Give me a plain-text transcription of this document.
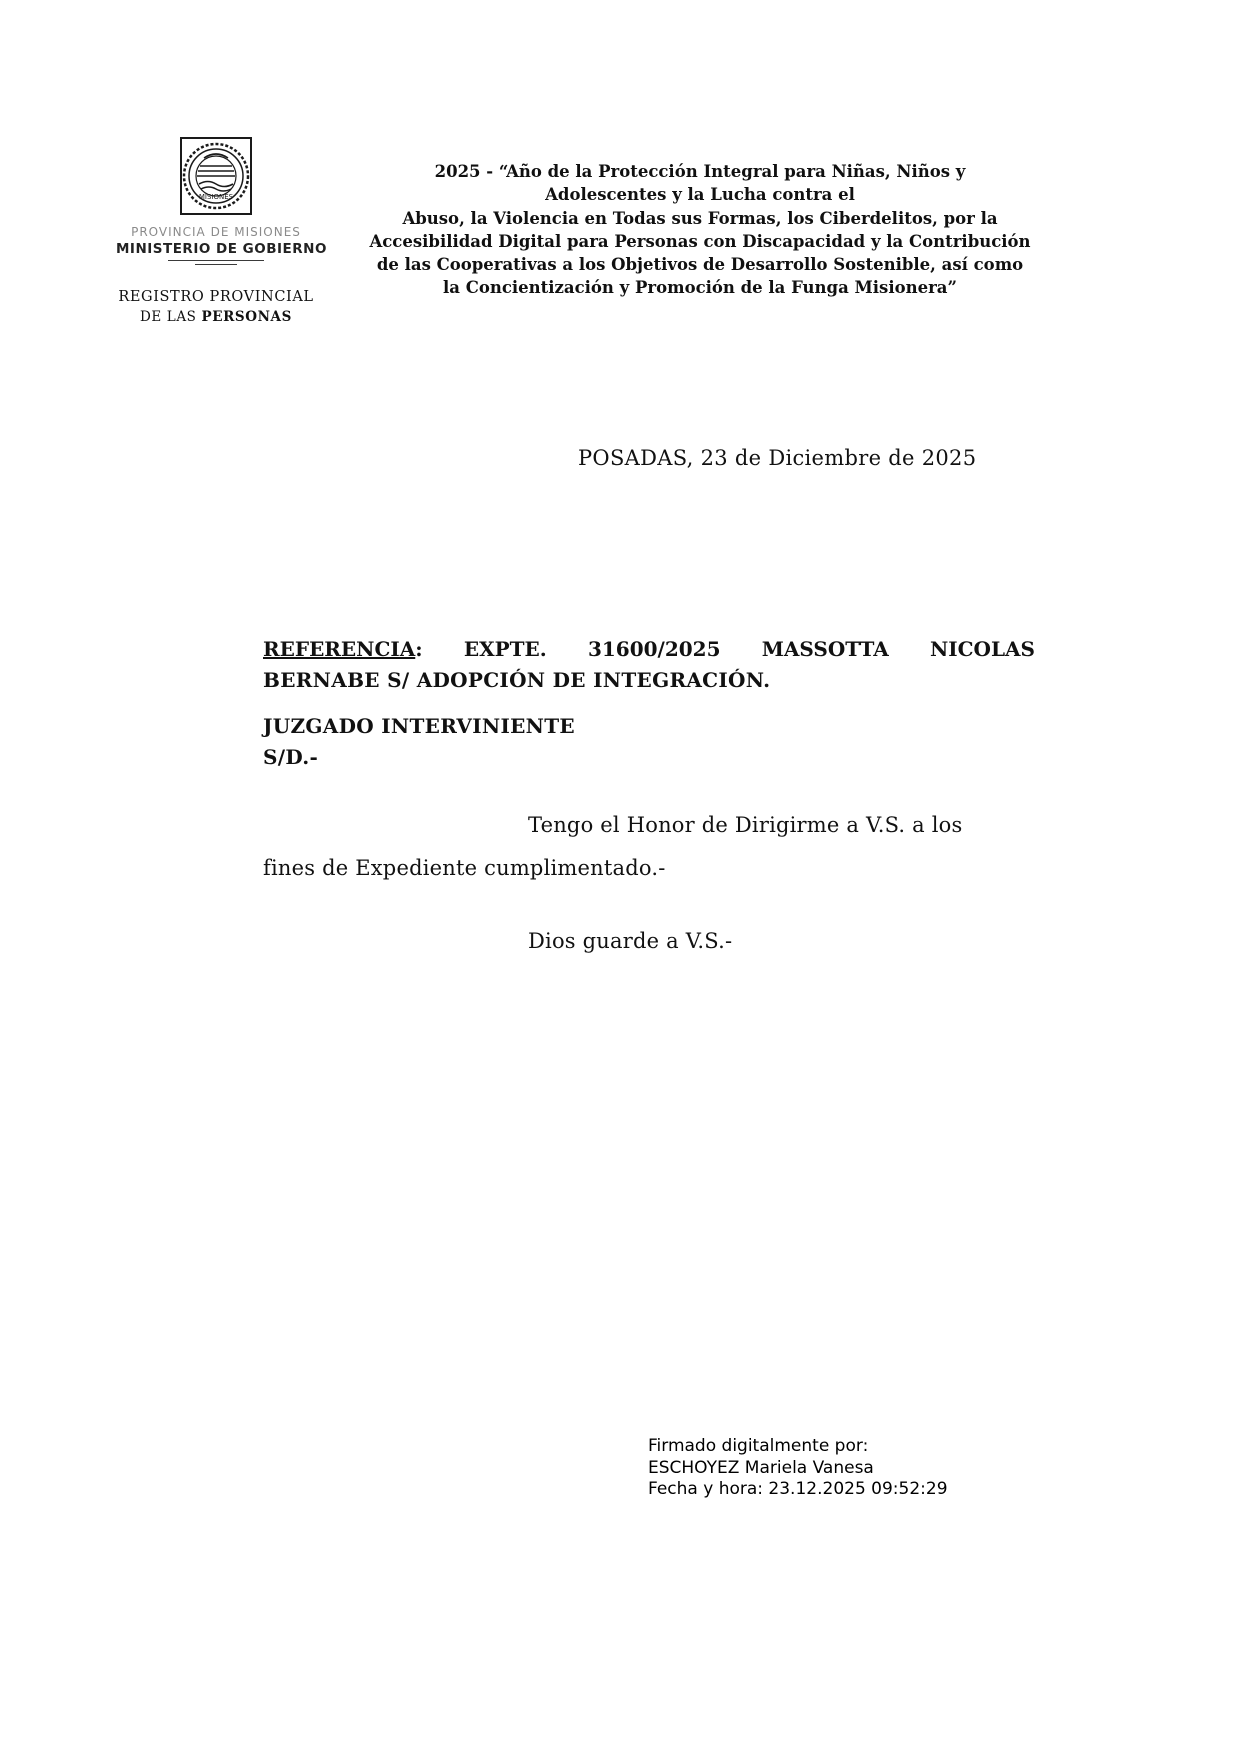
MISIONES
PROVINCIA DE MISIONES
MINISTERIO DE GOBIERNO
REGISTRO PROVINCIAL
DE LAS PERSONAS
2025 - “Año de la Protección Integral para Niñas, Niños y
Adolescentes y la Lucha contra el
Abuso, la Violencia en Todas sus Formas, los Ciberdelitos, por la
Accesibilidad Digital para Personas con Discapacidad y la Contribución
de las Cooperativas a los Objetivos de Desarrollo Sostenible, así como
la Concientización y Promoción de la Funga Misionera”
POSADAS, 23 de Diciembre de 2025
REFERENCIA: EXPTE. 31600/2025 MASSOTTA NICOLAS
BERNABE S/ ADOPCIÓN DE INTEGRACIÓN.
JUZGADO INTERVINIENTE
S/D.-
Tengo el Honor de Dirigirme a V.S. a los
fines de Expediente cumplimentado.-
Dios guarde a V.S.-
Firmado digitalmente por:
ESCHOYEZ Mariela Vanesa
Fecha y hora: 23.12.2025 09:52:29
